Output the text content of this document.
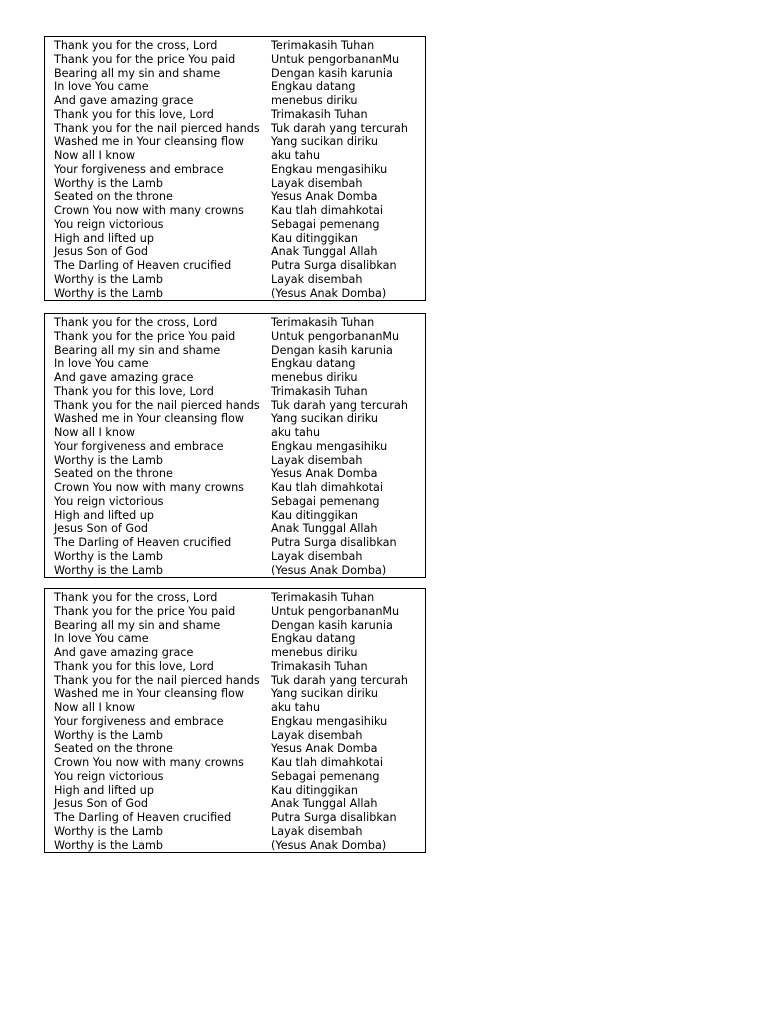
Thank you for the cross, Lord	Terimakasih Tuhan
Thank you for the price You paid	Untuk pengorbananMu
Bearing all my sin and shame	Dengan kasih karunia
In love You came	Engkau datang
And gave amazing grace	menebus diriku
Thank you for this love, Lord	Trimakasih Tuhan
Thank you for the nail pierced hands	Tuk darah yang tercurah
Washed me in Your cleansing flow	Yang sucikan diriku
Now all I know	aku tahu
Your forgiveness and embrace	Engkau mengasihiku
Worthy is the Lamb	Layak disembah
Seated on the throne	Yesus Anak Domba
Crown You now with many crowns	Kau tlah dimahkotai
You reign victorious	Sebagai pemenang
High and lifted up	Kau ditinggikan
Jesus Son of God	Anak Tunggal Allah
The Darling of Heaven crucified	Putra Surga disalibkan
Worthy is the Lamb	Layak disembah
Worthy is the Lamb	(Yesus Anak Domba)
Thank you for the cross, Lord	Terimakasih Tuhan
Thank you for the price You paid	Untuk pengorbananMu
Bearing all my sin and shame	Dengan kasih karunia
In love You came	Engkau datang
And gave amazing grace	menebus diriku
Thank you for this love, Lord	Trimakasih Tuhan
Thank you for the nail pierced hands	Tuk darah yang tercurah
Washed me in Your cleansing flow	Yang sucikan diriku
Now all I know	aku tahu
Your forgiveness and embrace	Engkau mengasihiku
Worthy is the Lamb	Layak disembah
Seated on the throne	Yesus Anak Domba
Crown You now with many crowns	Kau tlah dimahkotai
You reign victorious	Sebagai pemenang
High and lifted up	Kau ditinggikan
Jesus Son of God	Anak Tunggal Allah
The Darling of Heaven crucified	Putra Surga disalibkan
Worthy is the Lamb	Layak disembah
Worthy is the Lamb	(Yesus Anak Domba)
Thank you for the cross, Lord	Terimakasih Tuhan
Thank you for the price You paid	Untuk pengorbananMu
Bearing all my sin and shame	Dengan kasih karunia
In love You came	Engkau datang
And gave amazing grace	menebus diriku
Thank you for this love, Lord	Trimakasih Tuhan
Thank you for the nail pierced hands	Tuk darah yang tercurah
Washed me in Your cleansing flow	Yang sucikan diriku
Now all I know	aku tahu
Your forgiveness and embrace	Engkau mengasihiku
Worthy is the Lamb	Layak disembah
Seated on the throne	Yesus Anak Domba
Crown You now with many crowns	Kau tlah dimahkotai
You reign victorious	Sebagai pemenang
High and lifted up	Kau ditinggikan
Jesus Son of God	Anak Tunggal Allah
The Darling of Heaven crucified	Putra Surga disalibkan
Worthy is the Lamb	Layak disembah
Worthy is the Lamb	(Yesus Anak Domba)
